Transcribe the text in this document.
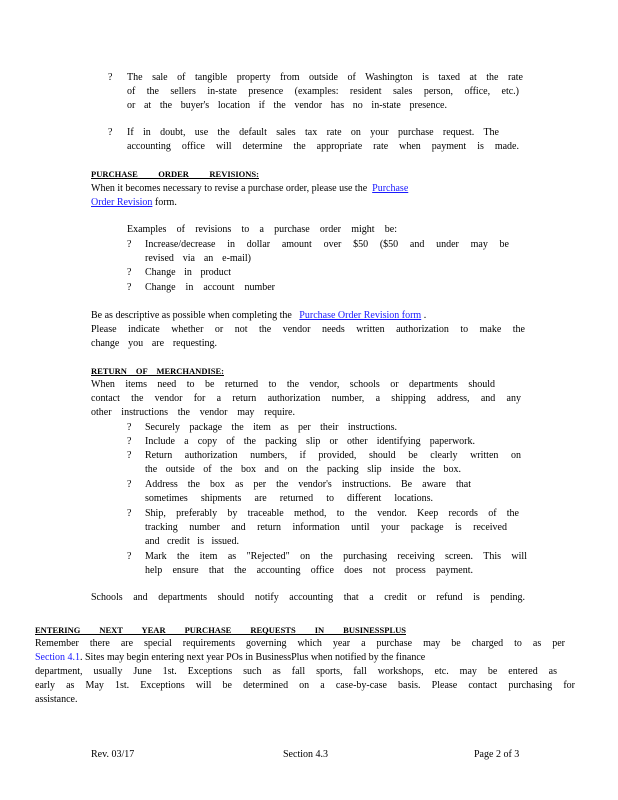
? The sale of tangible property from outside of Washington is taxed at the rate
of the sellers in-state presence (examples: resident sales person, office, etc.)
or at the buyer's location if the vendor has no in-state presence.
? If in doubt, use the default sales tax rate on your purchase request. The
accounting office will determine the appropriate rate when payment is made.
PURCHASE ORDER REVISIONS:
When it becomes necessary to revise a purchase order, please use the Purchase
Order Revision form.
Examples of revisions to a purchase order might be:
? Increase/decrease in dollar amount over $50 ($50 and under may be
revised via an e-mail)
? Change in product
? Change in account number
Be as descriptive as possible when completing the Purchase Order Revision form .
Please indicate whether or not the vendor needs written authorization to make the
change you are requesting.
RETURN OF MERCHANDISE:
When items need to be returned to the vendor, schools or departments should
contact the vendor for a return authorization number, a shipping address, and any
other instructions the vendor may require.
? Securely package the item as per their instructions.
? Include a copy of the packing slip or other identifying paperwork.
? Return authorization numbers, if provided, should be clearly written on
the outside of the box and on the packing slip inside the box.
? Address the box as per the vendor's instructions. Be aware that
sometimes shipments are returned to different locations.
? Ship, preferably by traceable method, to the vendor. Keep records of the
tracking number and return information until your package is received
and credit is issued.
? Mark the item as "Rejected" on the purchasing receiving screen. This will
help ensure that the accounting office does not process payment.
Schools and departments should notify accounting that a credit or refund is pending.
ENTERING NEXT YEAR PURCHASE REQUESTS IN BUSINESSPLUS
Remember there are special requirements governing which year a purchase may be charged to as per
Section 4.1. Sites may begin entering next year POs in BusinessPlus when notified by the finance
department, usually June 1st. Exceptions such as fall sports, fall workshops, etc. may be entered as
early as May 1st. Exceptions will be determined on a case-by-case basis. Please contact purchasing for
assistance.
Rev. 03/17	Section 4.3	Page 2 of 3
